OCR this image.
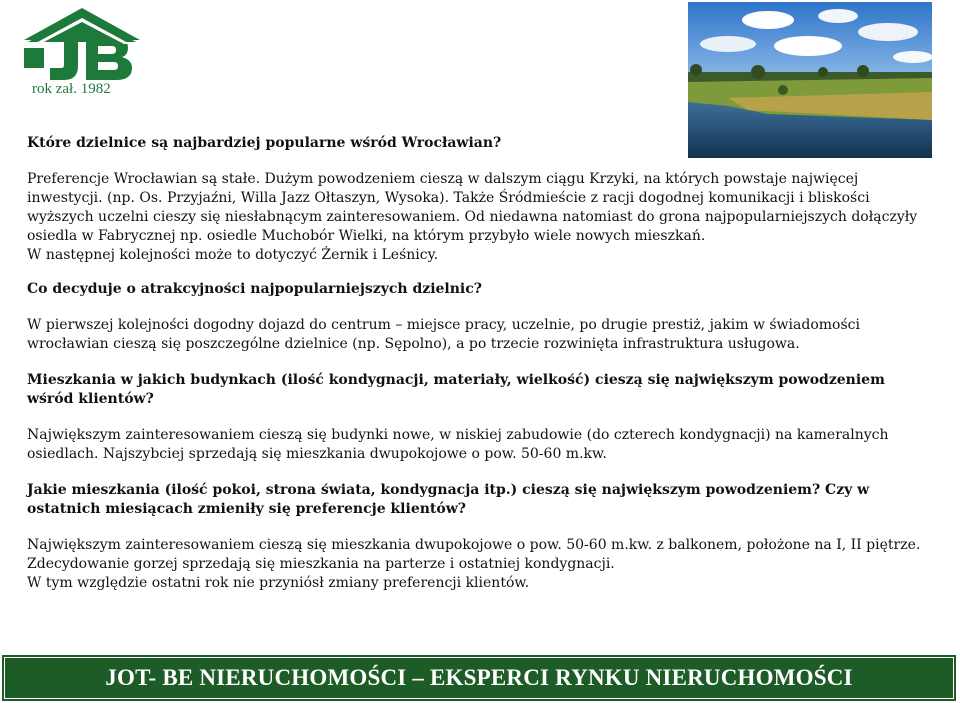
rok zał. 1982

Które dzielnice są najbardziej popularne wśród Wrocławian?

Preferencje Wrocławian są stałe. Dużym powodzeniem cieszą w dalszym ciągu Krzyki, na których powstaje najwięcej inwestycji. (np. Os. Przyjaźni, Willa Jazz Ołtaszyn, Wysoka). Także Śródmieście z racji dogodnej komunikacji i bliskości wyższych uczelni cieszy się niesłabnącym zainteresowaniem. Od niedawna natomiast do grona najpopularniejszych dołączyły osiedla w Fabrycznej np. osiedle Muchobór Wielki, na którym przybyło wiele nowych mieszkań.

W następnej kolejności może to dotyczyć Żernik i Leśnicy.

Co decyduje o atrakcyjności najpopularniejszych dzielnic?

W pierwszej kolejności dogodny dojazd do centrum – miejsce pracy, uczelnie, po drugie prestiż, jakim w świadomości wrocławian cieszą się poszczególne dzielnice (np. Sępolno), a po trzecie rozwinięta infrastruktura usługowa.

Mieszkania w jakich budynkach (ilość kondygnacji, materiały, wielkość) cieszą się największym powodzeniem wśród klientów?

Największym zainteresowaniem cieszą się budynki nowe, w niskiej zabudowie (do czterech kondygnacji) na kameralnych osiedlach. Najszybciej sprzedają się mieszkania dwupokojowe o pow. 50-60 m.kw.

Jakie mieszkania (ilość pokoi, strona świata, kondygnacja itp.) cieszą się największym powodzeniem? Czy w ostatnich miesiącach zmieniły się preferencje klientów?

Największym zainteresowaniem cieszą się mieszkania dwupokojowe o pow. 50-60 m.kw. z balkonem, położone na I, II piętrze.

Zdecydowanie gorzej sprzedają się mieszkania na parterze i ostatniej kondygnacji.

W tym względzie ostatni rok nie przyniósł zmiany preferencji klientów.

JOT- BE NIERUCHOMOŚCI – EKSPERCI RYNKU NIERUCHOMOŚCI
